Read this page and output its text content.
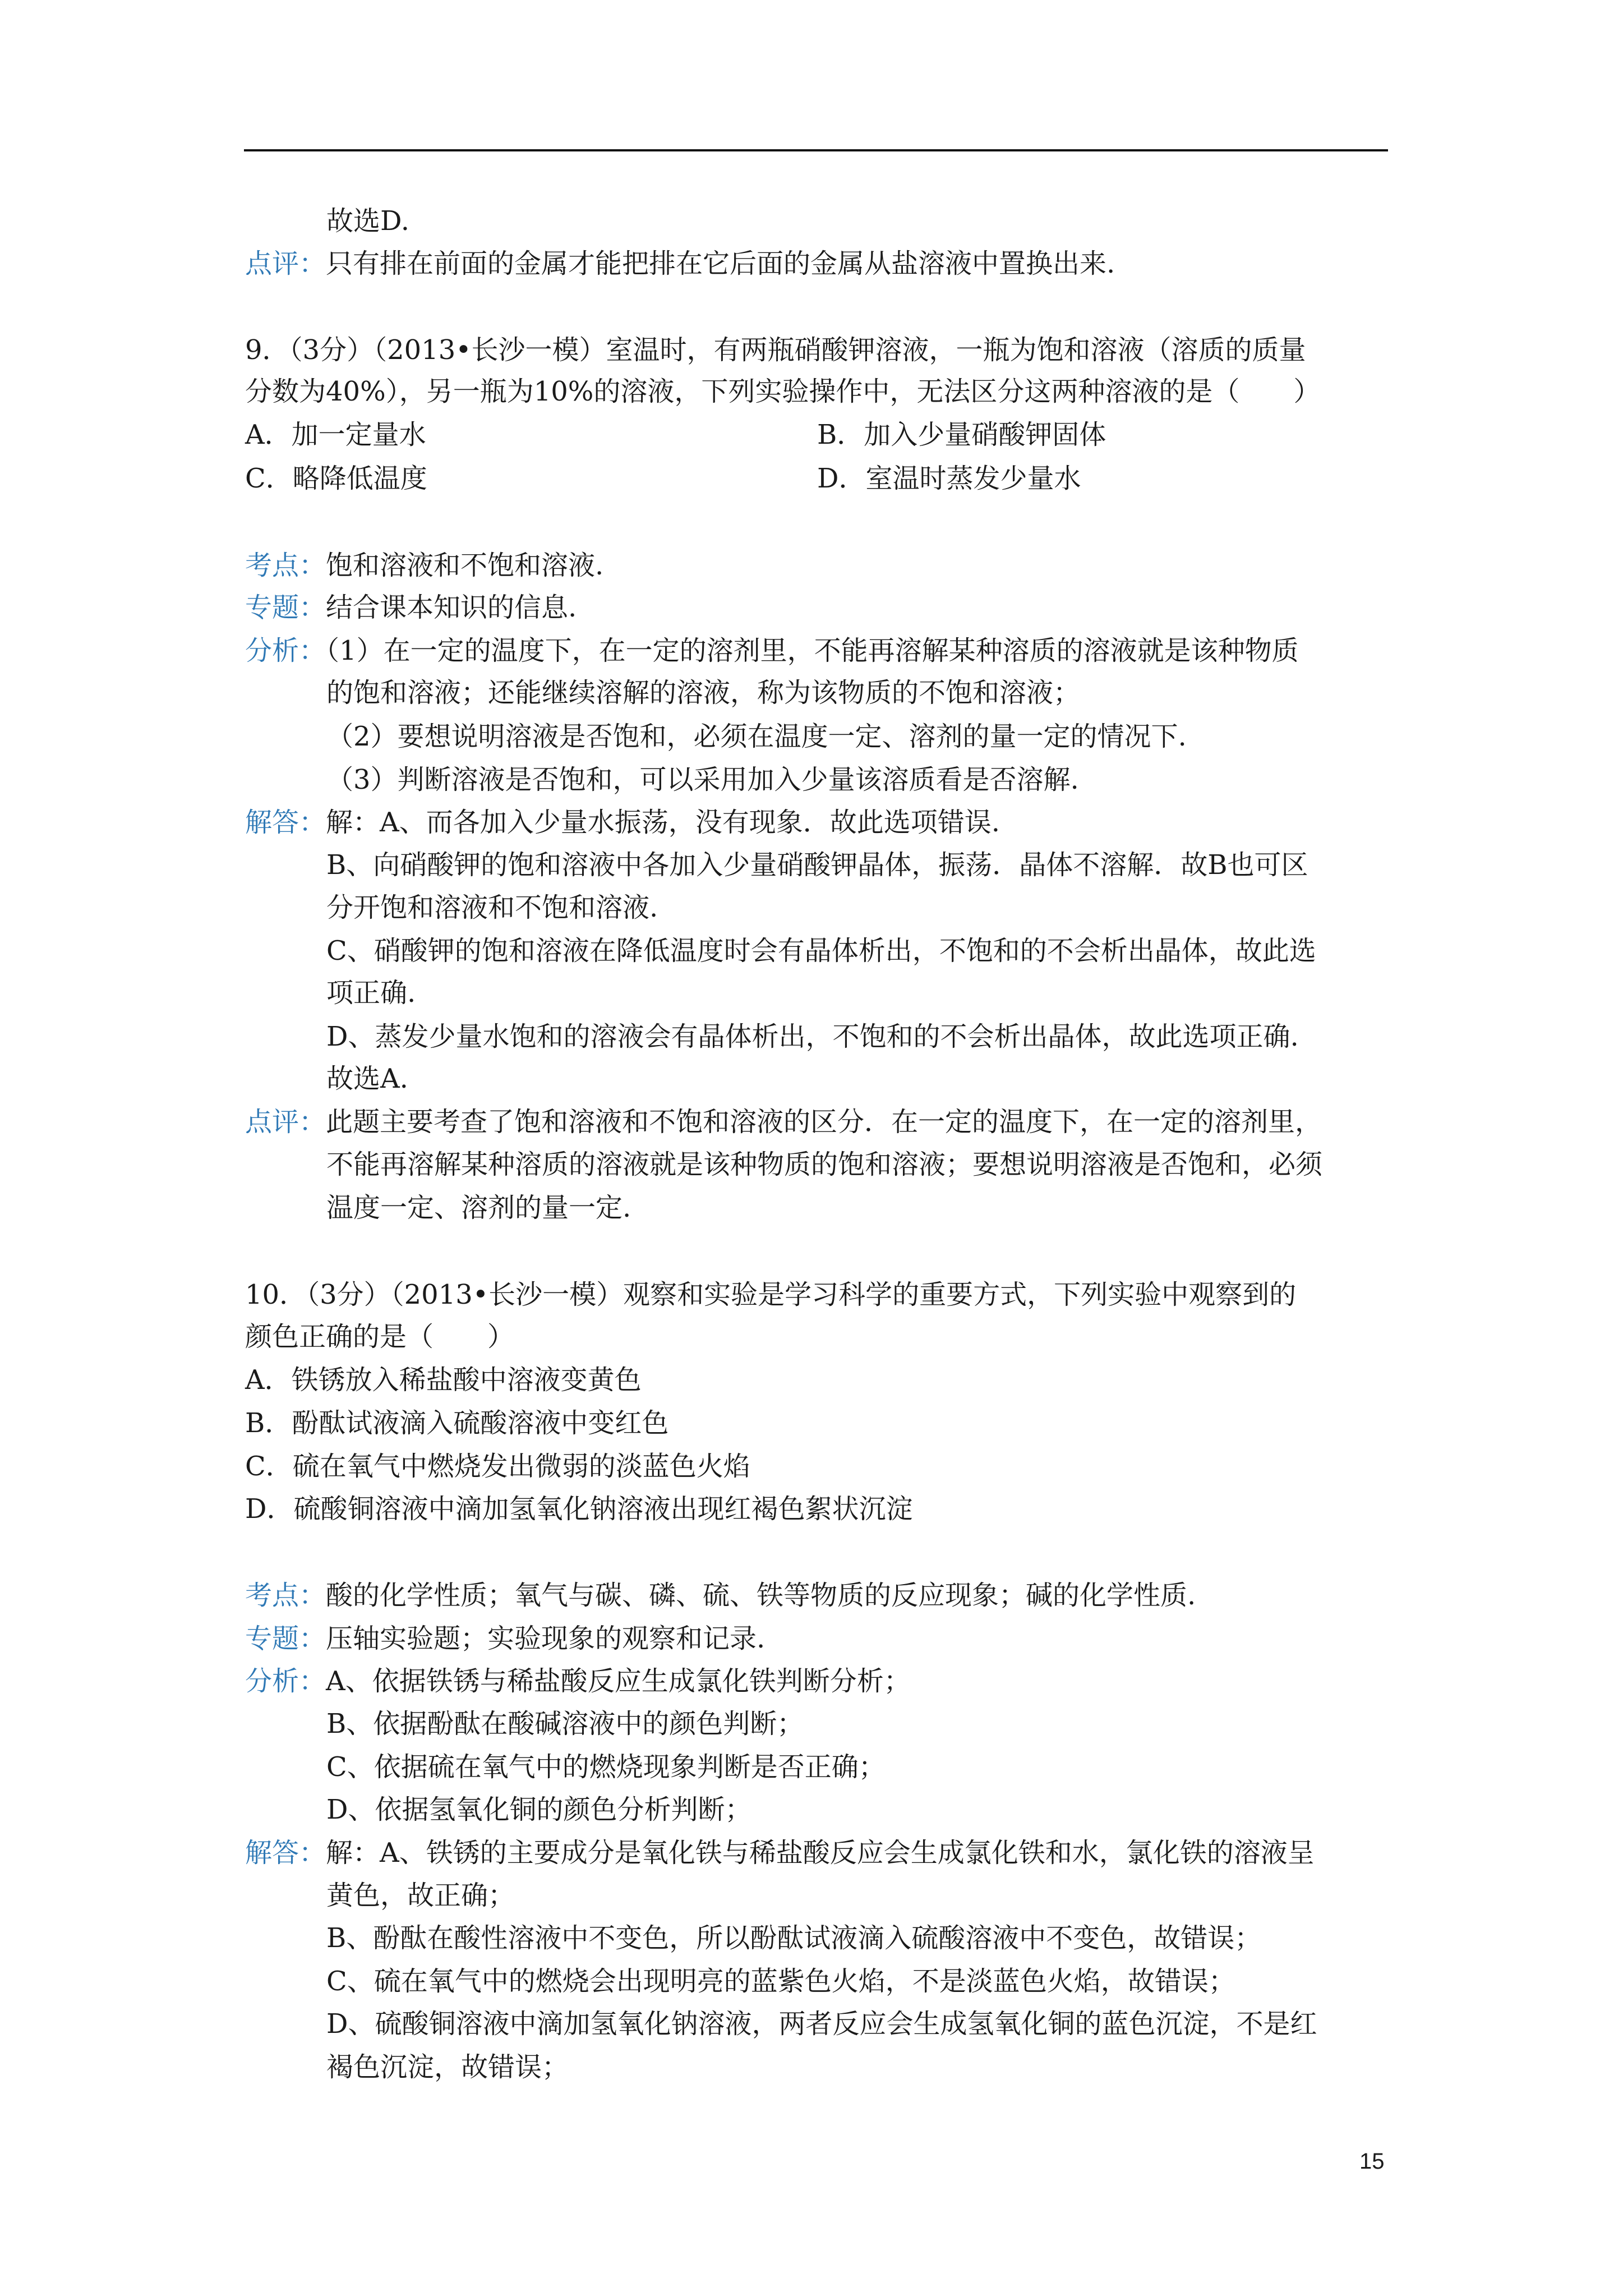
故选D.
点评：只有排在前面的金属才能把排在它后面的金属从盐溶液中置换出来.
9．（3分）（2013•长沙一模）室温时，有两瓶硝酸钾溶液，一瓶为饱和溶液（溶质的质量
分数为40%），另一瓶为10%的溶液，下列实验操作中，无法区分这两种溶液的是（　　）
A．加一定量水	B．加入少量硝酸钾固体
C．略降低温度	D．室温时蒸发少量水
考点：饱和溶液和不饱和溶液.
专题：结合课本知识的信息.
分析：（1）在一定的温度下，在一定的溶剂里，不能再溶解某种溶质的溶液就是该种物质
的饱和溶液；还能继续溶解的溶液，称为该物质的不饱和溶液；
（2）要想说明溶液是否饱和，必须在温度一定、溶剂的量一定的情况下.
（3）判断溶液是否饱和，可以采用加入少量该溶质看是否溶解.
解答：解：A、而各加入少量水振荡，没有现象．故此选项错误.
B、向硝酸钾的饱和溶液中各加入少量硝酸钾晶体，振荡．晶体不溶解．故B也可区
分开饱和溶液和不饱和溶液.
C、硝酸钾的饱和溶液在降低温度时会有晶体析出，不饱和的不会析出晶体，故此选
项正确.
D、蒸发少量水饱和的溶液会有晶体析出，不饱和的不会析出晶体，故此选项正确.
故选A.
点评：此题主要考查了饱和溶液和不饱和溶液的区分．在一定的温度下，在一定的溶剂里，
不能再溶解某种溶质的溶液就是该种物质的饱和溶液；要想说明溶液是否饱和，必须
温度一定、溶剂的量一定.
10．（3分）（2013•长沙一模）观察和实验是学习科学的重要方式，下列实验中观察到的
颜色正确的是（　　）
A．铁锈放入稀盐酸中溶液变黄色
B．酚酞试液滴入硫酸溶液中变红色
C．硫在氧气中燃烧发出微弱的淡蓝色火焰
D．硫酸铜溶液中滴加氢氧化钠溶液出现红褐色絮状沉淀
考点：酸的化学性质；氧气与碳、磷、硫、铁等物质的反应现象；碱的化学性质.
专题：压轴实验题；实验现象的观察和记录.
分析：A、依据铁锈与稀盐酸反应生成氯化铁判断分析；
B、依据酚酞在酸碱溶液中的颜色判断；
C、依据硫在氧气中的燃烧现象判断是否正确；
D、依据氢氧化铜的颜色分析判断；
解答：解：A、铁锈的主要成分是氧化铁与稀盐酸反应会生成氯化铁和水，氯化铁的溶液呈
黄色，故正确；
B、酚酞在酸性溶液中不变色，所以酚酞试液滴入硫酸溶液中不变色，故错误；
C、硫在氧气中的燃烧会出现明亮的蓝紫色火焰，不是淡蓝色火焰，故错误；
D、硫酸铜溶液中滴加氢氧化钠溶液，两者反应会生成氢氧化铜的蓝色沉淀，不是红
褐色沉淀，故错误；
15
